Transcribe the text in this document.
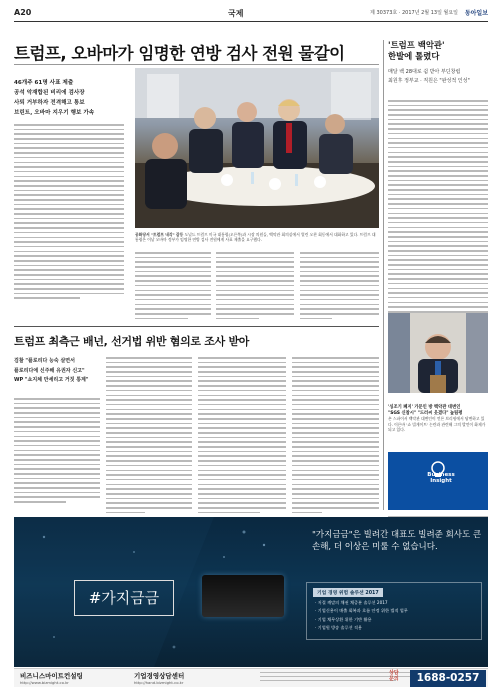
A20	국제	제 30373호 · 2017년 2월 13일 월요일 동아일보
트럼프, 오바마가 임명한 연방 검사 전원 물갈이
46개주 61명 사표 제출
공석 악재합된 비리에 검사장
사퇴 거부하자 전격해고 통보
브린트, 오바마 지우기 행보 가속
공화당서 "트럼프 내각" 갈등 도널드 트럼프 미국 대통령(오른쪽)과 시장 의원들, 백악관 회의실에서 열린 오찬 회동에서 대화하고 있다. 트럼프 대통령은 이날 오바마 정부가 임명한 연방 검사 전원에게 사표 제출을 요구했다.
'트럼프 백악관'
한발에 톨렸다
매달 백 28대로 쉼 받아 부딘창립
최원후 정부교 · 직원은 "완성적 인성"
트럼프 최측근 배넌, 선거법 위반 혐의로 조사 받아
검찰 "플로리다 능숙 살면서
플로리다에 신주해 유권자 신고"
WP "쇼지체 만세리고 거짓 통계"
'싱조기 폐지' 가문인 방 백악관 대변인
"SGS 신참시" "드러씨 웃겼다" 높팀평
숀 스파이서 백악관 대변인이 언론 브리핑에서 답변하고 있다. 이른바 '쇼 빌게이트' 논란과 관련해 그의 발언이 화제가 되고 있다.
Business
Insight
#가지금금
"가지금금"은 빌려간 대표도 빌려준 회사도 큰 손해, 더 이상은 미룰 수 없습니다.
기업 경영 위험 솔루션 2017
· 저절 깨말의 채권 채증분 솔루션 2017
· 기업신용이 매출 회복과 흐름 안정 위한 법적 업무
· 기업 채무상환 위한 기반 활용
· 기업원 방송 솔루션 적용
비즈니스마이트컨설팅
http://www.bizmight.co.kr
기업경영상담센터
http://hand.bizmight.co.kr
상담
문의	1688-0257
